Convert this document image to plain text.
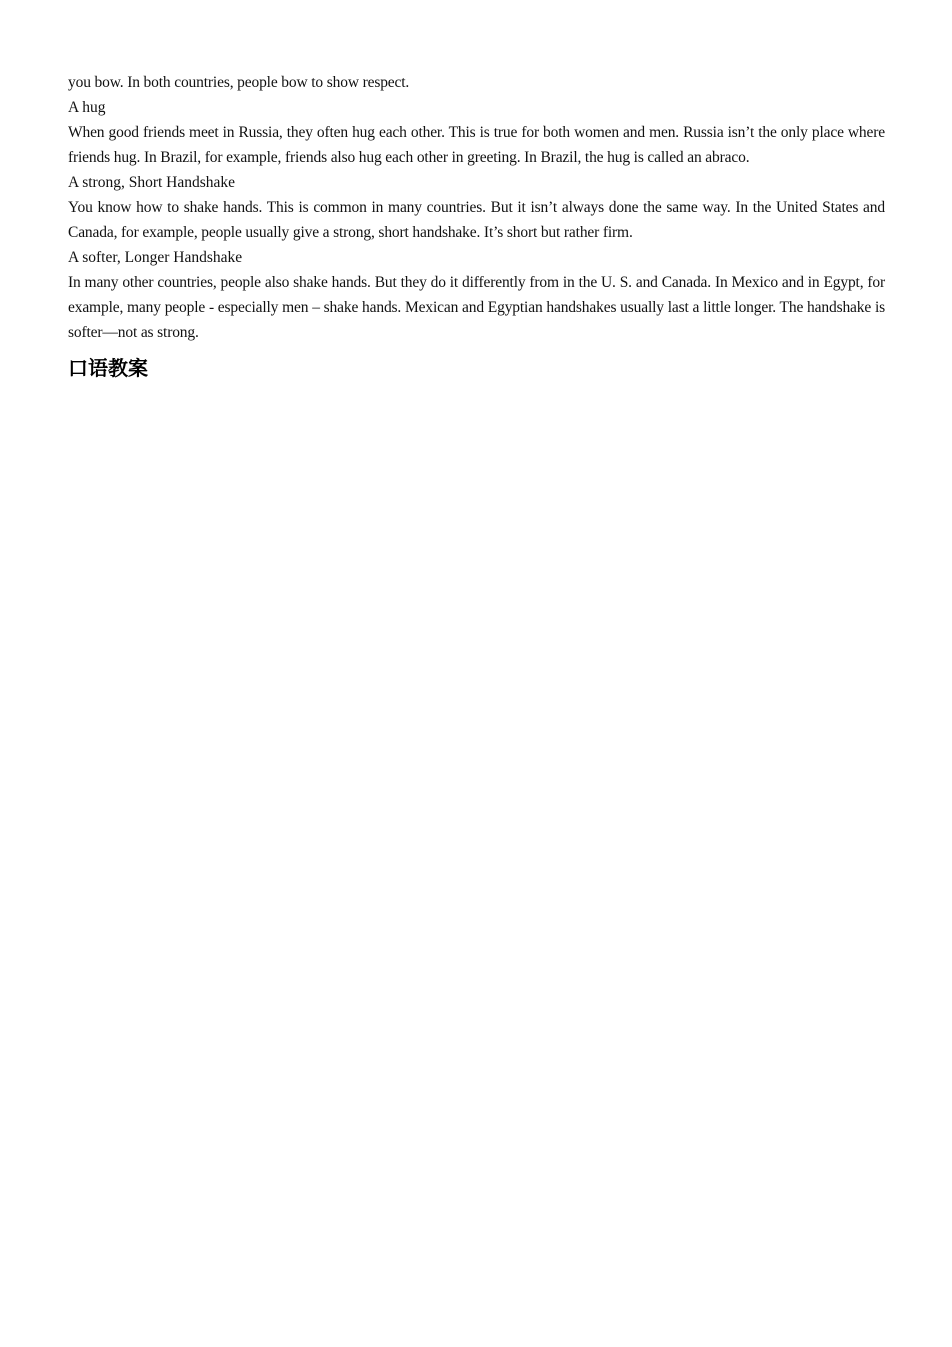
you bow. In both countries, people bow to show respect.

A hug

When good friends meet in Russia, they often hug each other. This is true for both women and men. Russia isn’t the only place where friends hug. In Brazil, for example, friends also hug each other in greeting. In Brazil, the hug is called an abraco.

A strong, Short Handshake

You know how to shake hands. This is common in many countries. But it isn’t always done the same way. In the United States and Canada, for example, people usually give a strong, short handshake. It’s short but rather firm.

A softer, Longer Handshake

In many other countries, people also shake hands. But they do it differently from in the U. S. and Canada. In Mexico and in Egypt, for example, many people - especially men – shake hands. Mexican and Egyptian handshakes usually last a little longer. The handshake is softer—not as strong.

口语教案
